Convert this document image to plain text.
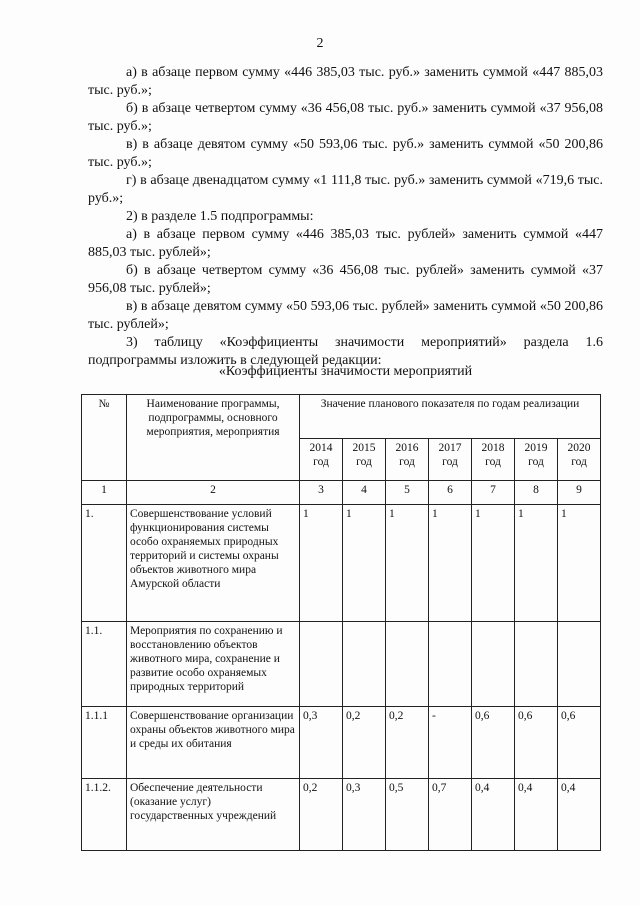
2

а) в абзаце первом сумму «446 385,03 тыс. руб.» заменить суммой «447 885,03 тыс. руб.»;

б) в абзаце четвертом сумму «36 456,08 тыс. руб.» заменить суммой «37 956,08 тыс. руб.»;

в) в абзаце девятом сумму «50 593,06 тыс. руб.» заменить суммой «50 200,86 тыс. руб.»;

г) в абзаце двенадцатом сумму «1 111,8 тыс. руб.» заменить суммой «719,6 тыс. руб.»;

2) в разделе 1.5 подпрограммы:

а) в абзаце первом сумму «446 385,03 тыс. рублей» заменить суммой «447 885,03 тыс. рублей»;

б) в абзаце четвертом сумму «36 456,08 тыс. рублей» заменить суммой «37 956,08 тыс. рублей»;

в) в абзаце девятом сумму «50 593,06 тыс. рублей» заменить суммой «50 200,86 тыс. рублей»;

3) таблицу «Коэффициенты значимости мероприятий» раздела 1.6 подпрограммы изложить в следующей редакции:

«Коэффициенты значимости мероприятий
№	Наименование программы, подпрограммы, основного мероприятия, мероприятия	Значение планового показателя по годам реализации						
		2014 год	2015 год	2016 год	2017 год	2018 год	2019 год	2020 год
1	2	3	4	5	6	7	8	9
1.	Совершенствование условий функционирования системы особо охраняемых природных территорий и системы охраны объектов животного мира Амурской области	1	1	1	1	1	1	1
1.1.	Мероприятия по сохранению и восстановлению объектов животного мира, сохранение и развитие особо охраняемых природных территорий							
1.1.1	Совершенствование организации охраны объектов животного мира и среды их обитания	0,3	0,2	0,2	-	0,6	0,6	0,6
1.1.2.	Обеспечение деятельности (оказание услуг) государственных учреждений	0,2	0,3	0,5	0,7	0,4	0,4	0,4
